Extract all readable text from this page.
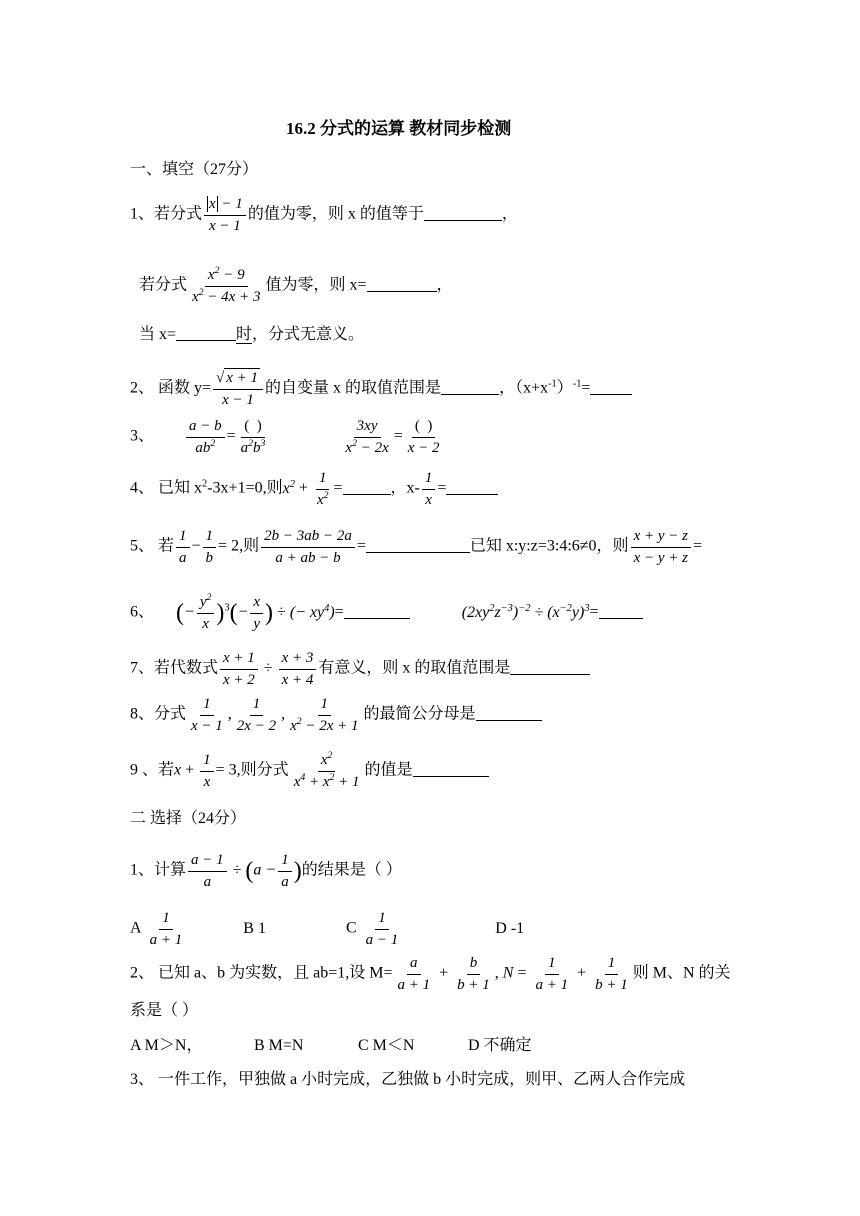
16.2 分式的运算 教材同步检测
一、填空（27分）
1、若分式 $\frac{x - 1}{x - 1}$ 的值为零，则 x 的值等于	，
若分式 $\frac{x^2 - 9}{x^2 - 4x + 3}$ 值为零，则 x=	，
当 x=	时，分式无意义。
2、 函数 $y= \frac{√ x + 1}{x - 1}$ 的自变量 x 的取值范围是	，$(x+x^{-1})^{-1}=$
3、 $\frac{a - b}{ab^2} = \frac{( )}{a^2b^3}$
	$\frac{3xy}{x^2 - 2x} = \frac{( )}{x - 2}$
4、 已知 $x^2-3x+1=0$,则$x^2 + \frac{1}{x^2}$ =	，$x- \frac{1}{x}$ =
5、 若 $\frac{1}{a} - \frac{1}{b} = 2$,则 $\frac{2b - 3ab - 2a}{a + ab - b}$ =	已知 x:y:z=3:4:6≠0，则 $\frac{x + y - z}{x - y + z}$ =
6、 (− $\frac{y^2}{x} )^3(- \frac{x}{y}$ ) ÷ (− $xy^4)=$	$(2xy^2z^{-3})^{-2} \div (x^{-2}y)^3=$
7、若代数式 $\frac{x + 1}{x + 2} \div \frac{x + 3}{x + 4}$ 有意义，则 x 的取值范围是
8、分式 $\frac{1}{x - 1}$ , $\frac{1}{2x - 2}$ , $\frac{1}{x^2 - 2x + 1}$ 的最简公分母是
9 、若$x + \frac{1}{x} = 3$,则分式 $\frac{x^2}{x^4 + x^2 + 1}$ 的值是
二 选择（24分）
1、计算 $\frac{a - 1}{a} \div (a - \frac{1}{a}$ )的结果是（ ）
A $\frac{1}{a + 1}$	B 1	C $\frac{1}{a - 1}$	D -1
2、 已知 a、b 为实数，且 ab=1,设 $M= \frac{a}{a + 1} + \frac{b}{b + 1}$ , $N = \frac{1}{a + 1} + \frac{1}{b + 1}$ 则 M、N 的关
系是（ ）
A M＞N，	B M=N	C M＜N	D 不确定
3、 一件工作，甲独做 a 小时完成，乙独做 b 小时完成，则甲、乙两人合作完成
